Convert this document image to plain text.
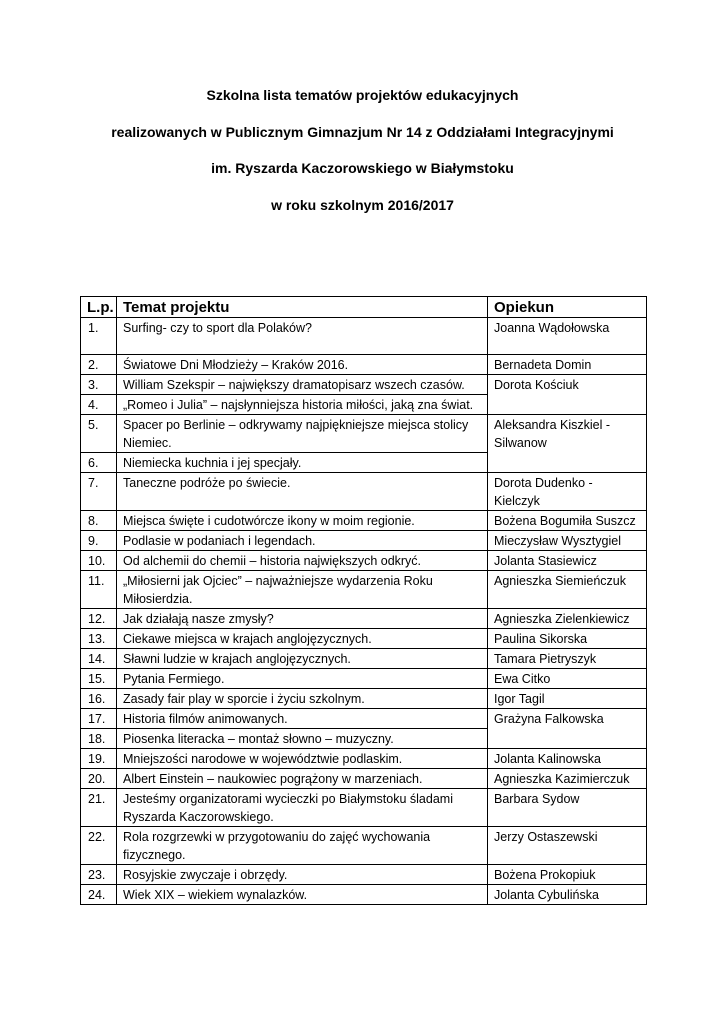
Szkolna lista tematów projektów edukacyjnych
realizowanych w Publicznym Gimnazjum Nr 14 z Oddziałami Integracyjnymi
im. Ryszarda Kaczorowskiego w Białymstoku
w roku szkolnym 2016/2017
L.p.	Temat projektu	Opiekun
1.	Surfing- czy to sport dla Polaków?	Joanna Wądołowska
2.	Światowe Dni Młodzieży – Kraków 2016.	Bernadeta Domin
3.	William Szekspir – największy dramatopisarz wszech czasów.	Dorota Kościuk
4.	„Romeo i Julia” – najsłynniejsza historia miłości, jaką zna świat.	
5.	Spacer po Berlinie – odkrywamy najpiękniejsze miejsca stolicy Niemiec.	Aleksandra Kiszkiel - Silwanow
6.	Niemiecka kuchnia i jej specjały.	
7.	Taneczne podróże po świecie.	Dorota Dudenko - Kielczyk
8.	Miejsca święte i cudotwórcze ikony w moim regionie.	Bożena Bogumiła Suszcz
9.	Podlasie w podaniach i legendach.	Mieczysław Wysztygiel
10.	Od alchemii do chemii – historia największych odkryć.	Jolanta Stasiewicz
11.	„Miłosierni jak Ojciec” – najważniejsze wydarzenia Roku Miłosierdzia.	Agnieszka Siemieńczuk
12.	Jak działają nasze zmysły?	Agnieszka Zielenkiewicz
13.	Ciekawe miejsca w krajach anglojęzycznych.	Paulina Sikorska
14.	Sławni ludzie w krajach anglojęzycznych.	Tamara Pietryszyk
15.	Pytania Fermiego.	Ewa Citko
16.	Zasady fair play w sporcie i życiu szkolnym.	Igor Tagil
17.	Historia filmów animowanych.	Grażyna Falkowska
18.	Piosenka literacka – montaż słowno – muzyczny.	
19.	Mniejszości narodowe w województwie podlaskim.	Jolanta Kalinowska
20.	Albert Einstein – naukowiec pogrążony w marzeniach.	Agnieszka Kazimierczuk
21.	Jesteśmy organizatorami wycieczki po Białymstoku śladami Ryszarda Kaczorowskiego.	Barbara Sydow
22.	Rola rozgrzewki w przygotowaniu do zajęć wychowania fizycznego.	Jerzy Ostaszewski
23.	Rosyjskie zwyczaje i obrzędy.	Bożena Prokopiuk
24.	Wiek XIX – wiekiem wynalazków.	Jolanta Cybulińska
